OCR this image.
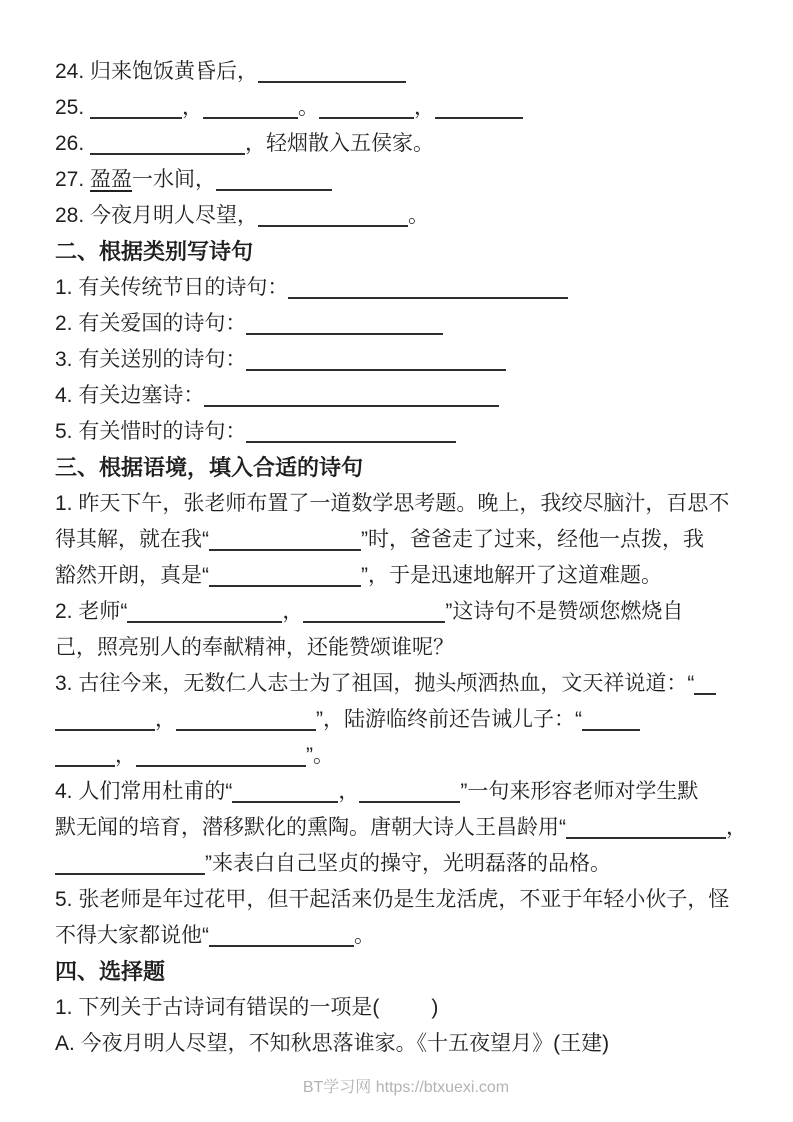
24. 归来饱饭黄昏后，
25.	，	。	，
26.	，轻烟散入五侯家。
27. 盈盈一水间，
28. 今夜月明人尽望，	。
二、根据类别写诗句
1. 有关传统节日的诗句：
2. 有关爱国的诗句：
3. 有关送别的诗句：
4. 有关边塞诗：
5. 有关惜时的诗句：
三、根据语境，填入合适的诗句
1. 昨天下午，张老师布置了一道数学思考题。晚上，我绞尽脑汁，百思不
得其解，就在我“	”时，爸爸走了过来，经他一点拨，我
豁然开朗，真是“	”，于是迅速地解开了这道难题。
2. 老师“	，	”这诗句不是赞颂您燃烧自
己，照亮别人的奉献精神，还能赞颂谁呢？
3. 古往今来，无数仁人志士为了祖国，抛头颅洒热血，文天祥说道：“
，	”，陆游临终前还告诫儿子：“
，	”。
4. 人们常用杜甫的“	，	”一句来形容老师对学生默
默无闻的培育，潜移默化的熏陶。唐朝大诗人王昌龄用“	，
”来表白自己坚贞的操守，光明磊落的品格。
5. 张老师是年过花甲，但干起活来仍是生龙活虎，不亚于年轻小伙子，怪
不得大家都说他“	。
四、选择题
1. 下列关于古诗词有错误的一项是( )
A. 今夜月明人尽望，不知秋思落谁家。《十五夜望月》(王建)
BT学习网 https://btxuexi.com
